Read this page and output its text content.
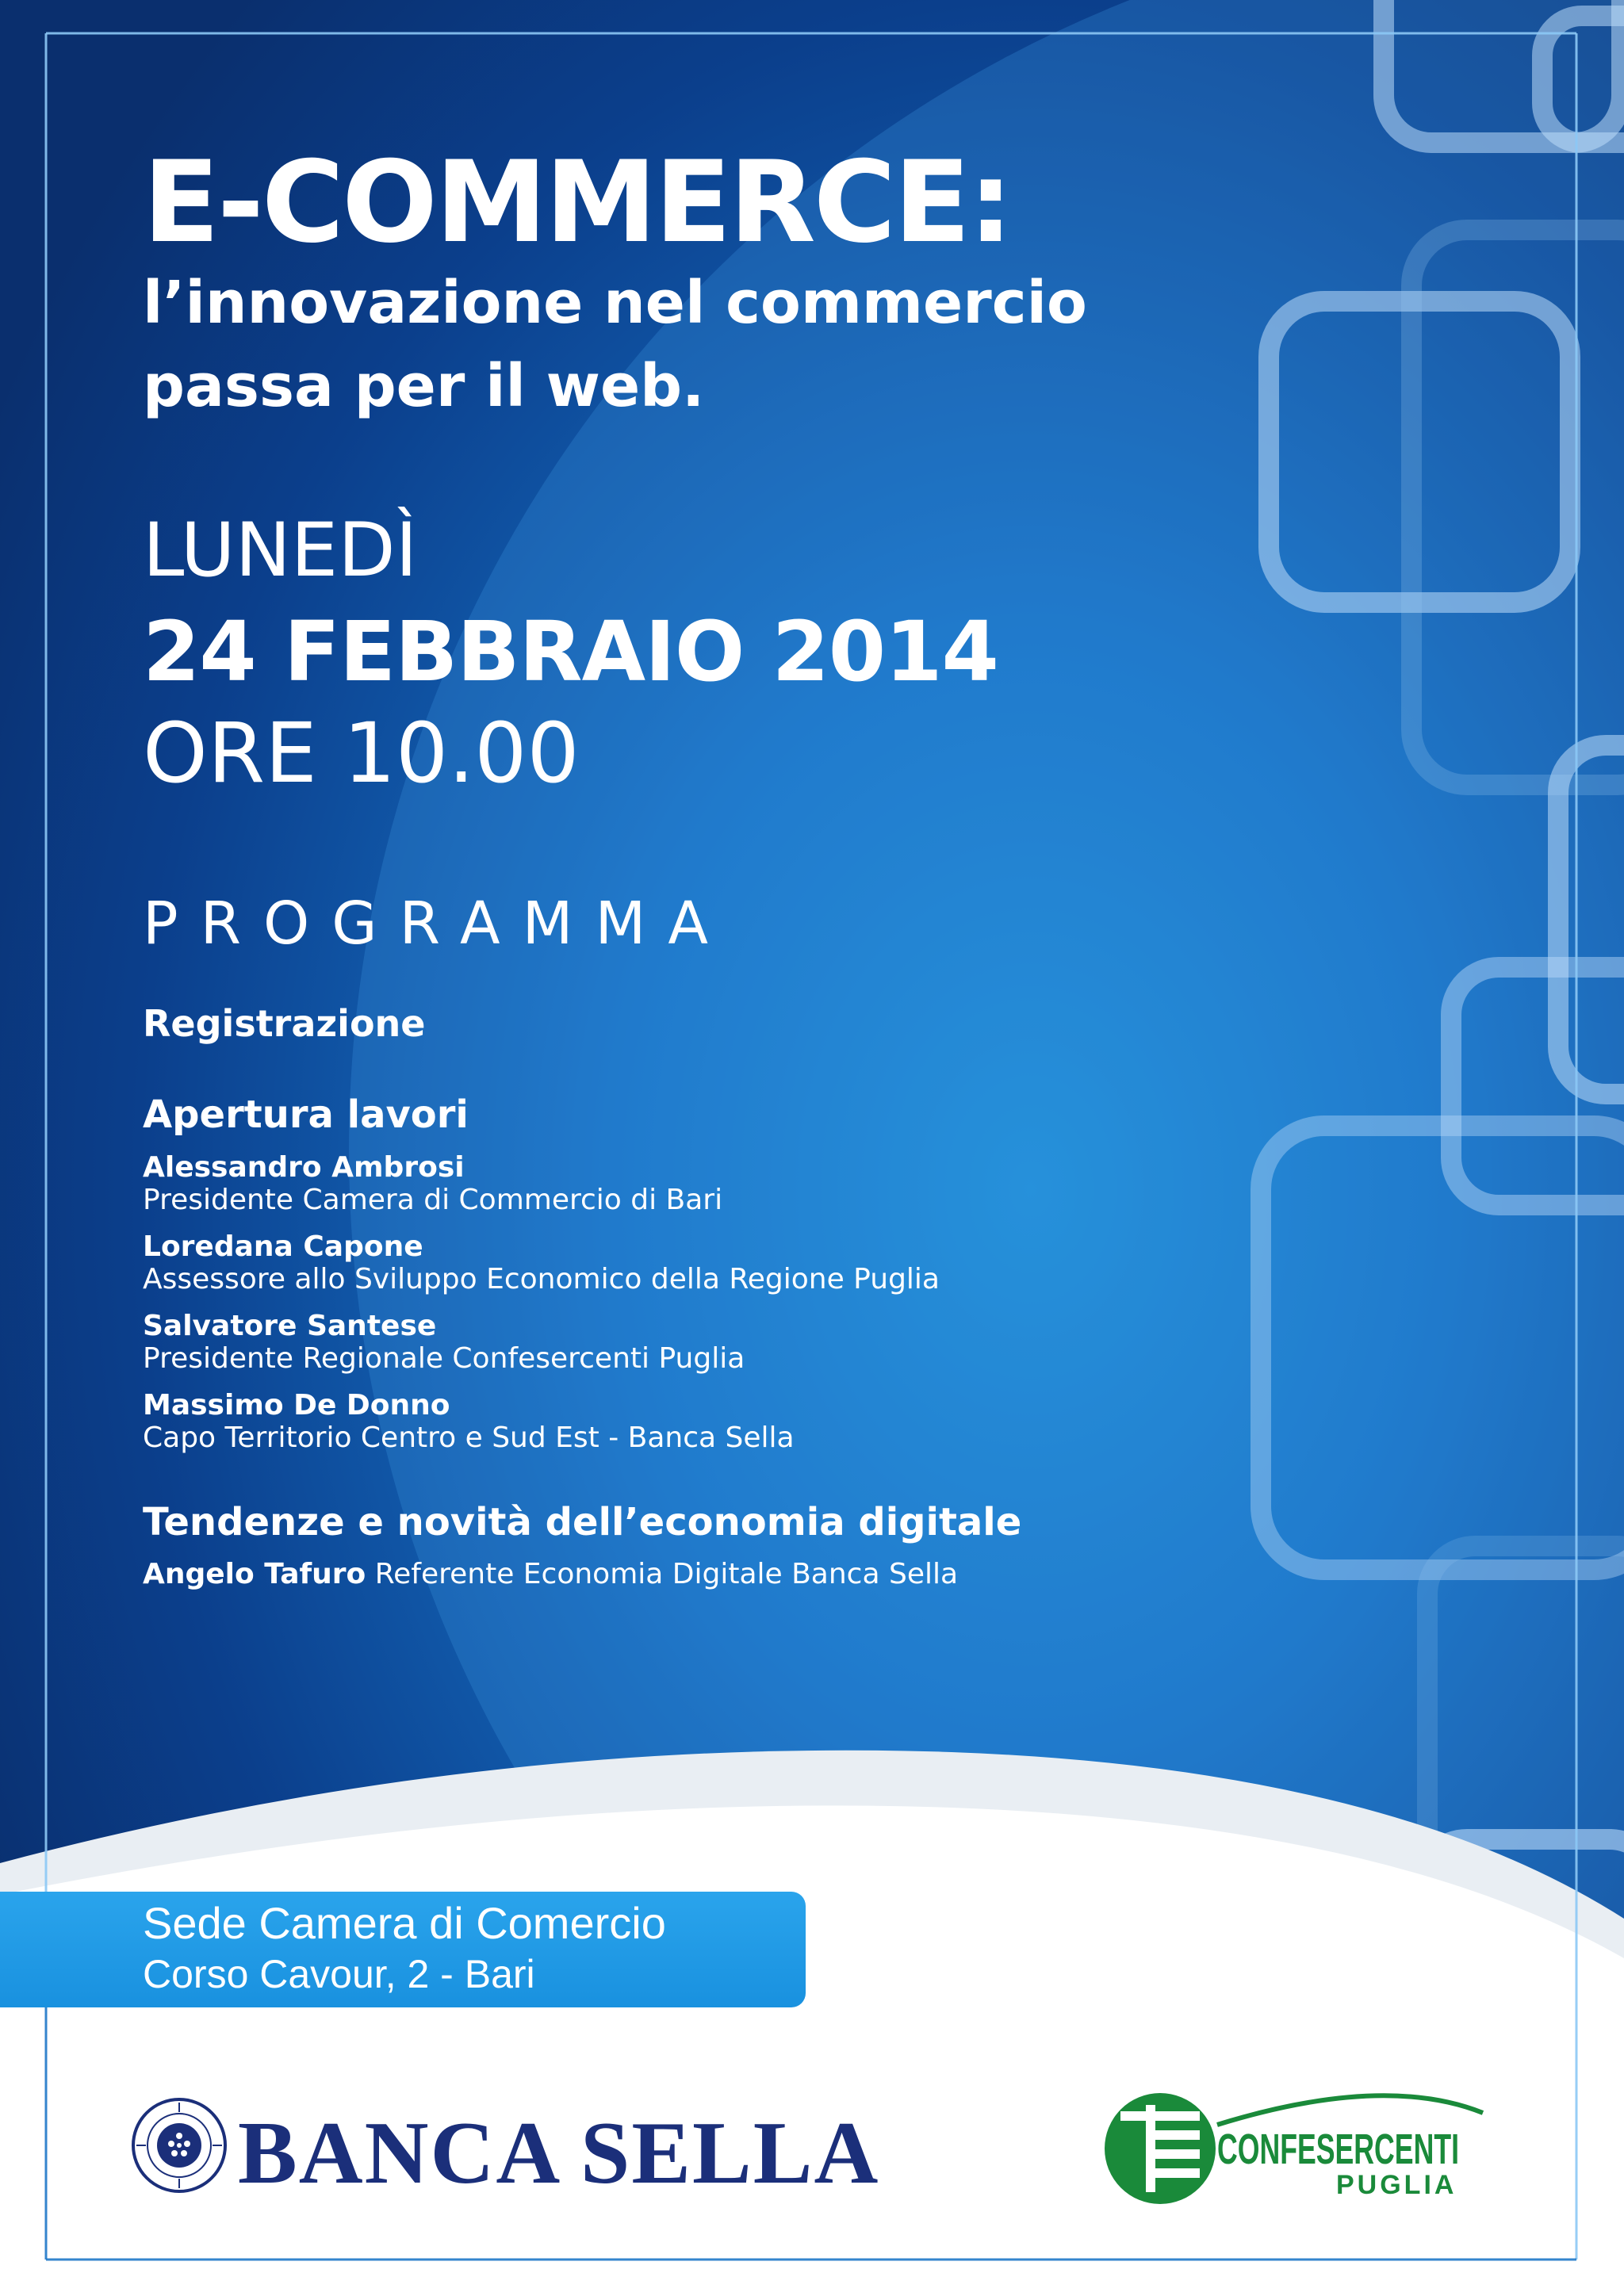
E-COMMERCE:
l’innovazione nel commercio
passa per il web.
LUNEDÌ
24 FEBBRAIO 2014
ORE 10.00
PROGRAMMA
Registrazione
Apertura lavori
Alessandro Ambrosi
Presidente Camera di Commercio di Bari
Loredana Capone
Assessore allo Sviluppo Economico della Regione Puglia
Salvatore Santese
Presidente Regionale Confesercenti Puglia
Massimo De Donno
Capo Territorio Centro e Sud Est - Banca Sella
Tendenze e novità dell’economia digitale
Angelo Tafuro Referente Economia Digitale Banca Sella
Sede Camera di Comercio
Corso Cavour, 2 - Bari
BANCA SELLA	CONFESERCENTI
PUGLIA
